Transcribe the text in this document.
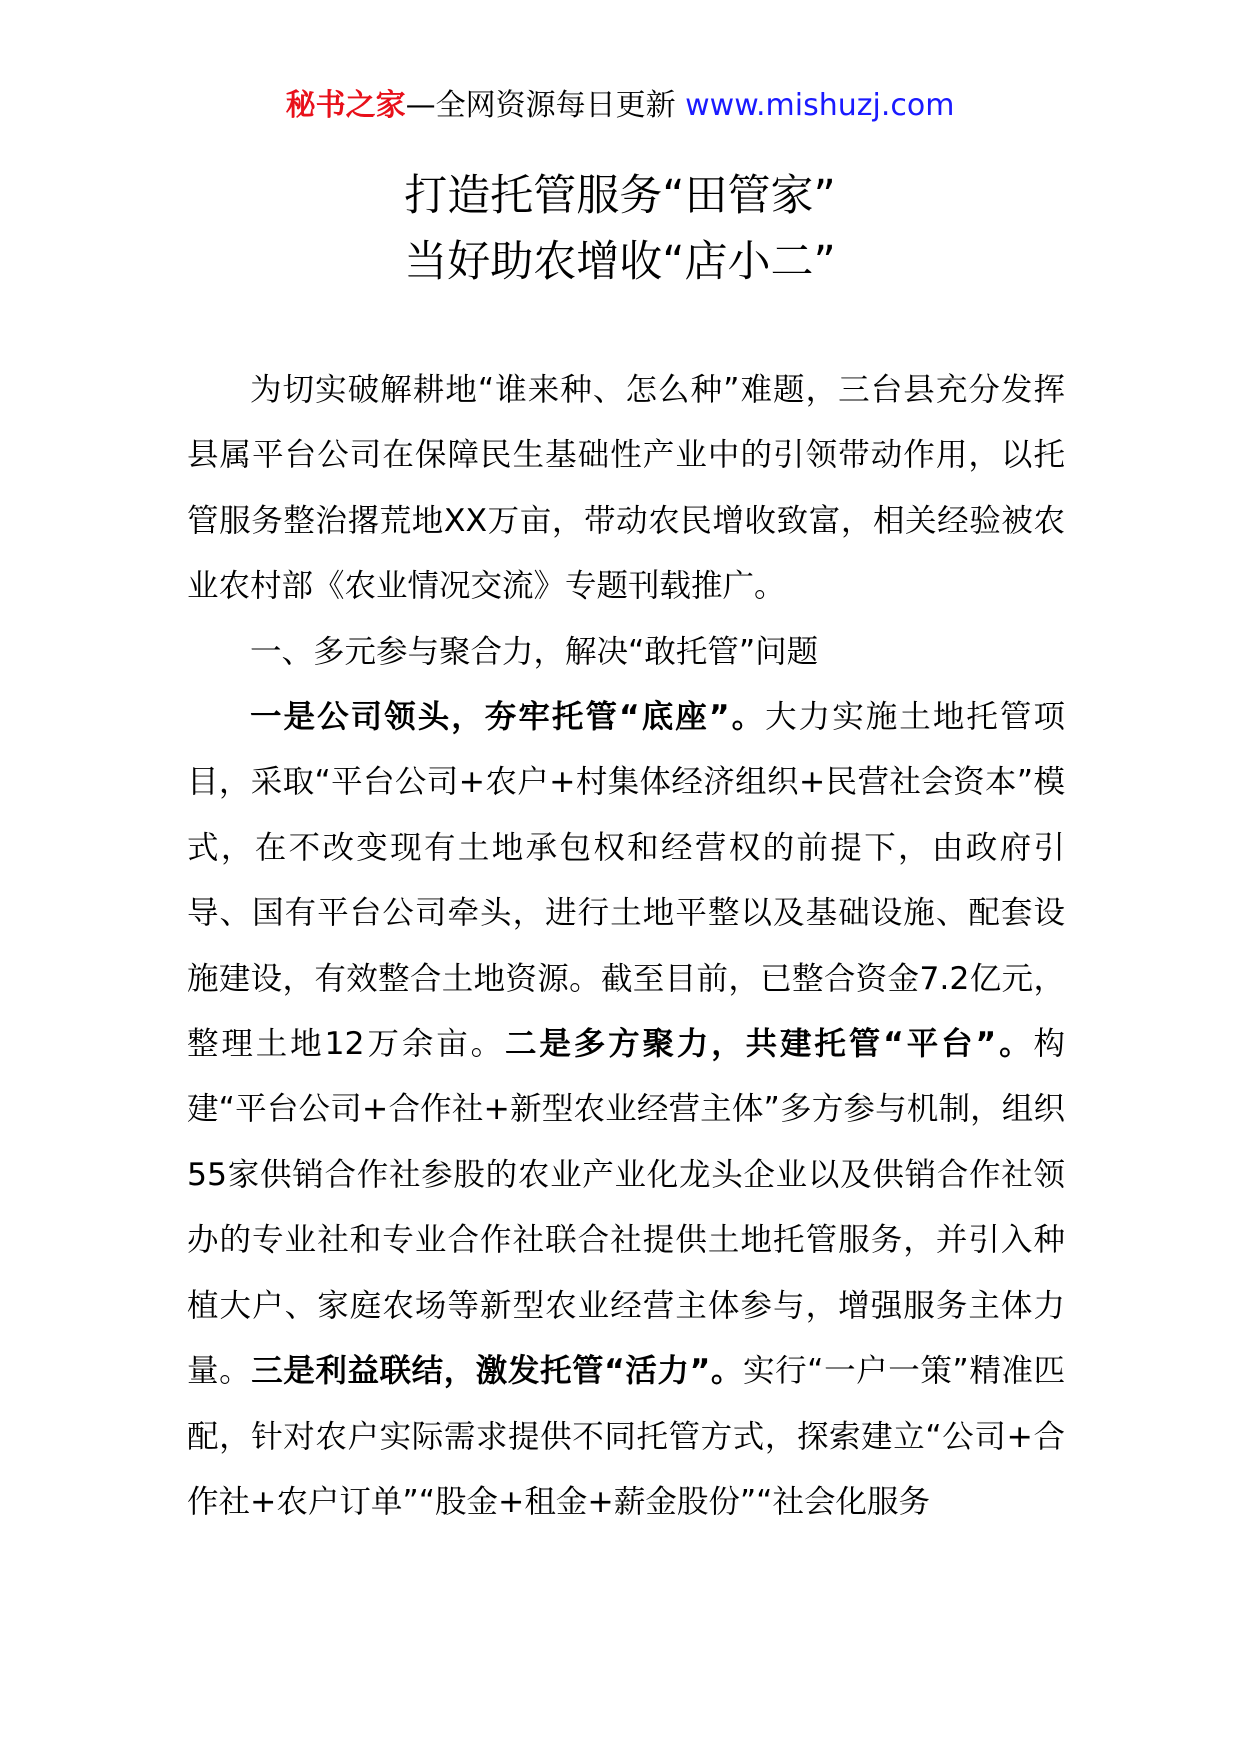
秘书之家—全网资源每日更新 www.mishuzj.com
打造托管服务“田管家”
当好助农增收“店小二”

为切实破解耕地“谁来种、怎么种”难题，三台县充分发挥县属平台公司在保障民生基础性产业中的引领带动作用，以托管服务整治撂荒地XX万亩，带动农民增收致富，相关经验被农业农村部《农业情况交流》专题刊载推广。

一、多元参与聚合力，解决“敢托管”问题

一是公司领头，夯牢托管“底座”。大力实施土地托管项目，采取“平台公司+农户+村集体经济组织+民营社会资本”模式，在不改变现有土地承包权和经营权的前提下，由政府引导、国有平台公司牵头，进行土地平整以及基础设施、配套设施建设，有效整合土地资源。截至目前，已整合资金7.2亿元，整理土地12万余亩。二是多方聚力，共建托管“平台”。构建“平台公司+合作社+新型农业经营主体”多方参与机制，组织55家供销合作社参股的农业产业化龙头企业以及供销合作社领办的专业社和专业合作社联合社提供土地托管服务，并引入种植大户、家庭农场等新型农业经营主体参与，增强服务主体力量。三是利益联结，激发托管“活力”。实行“一户一策”精准匹配，针对农户实际需求提供不同托管方式，探索建立“公司+合作社+农户订单”“股金+租金+薪金股份”“社会化服务
